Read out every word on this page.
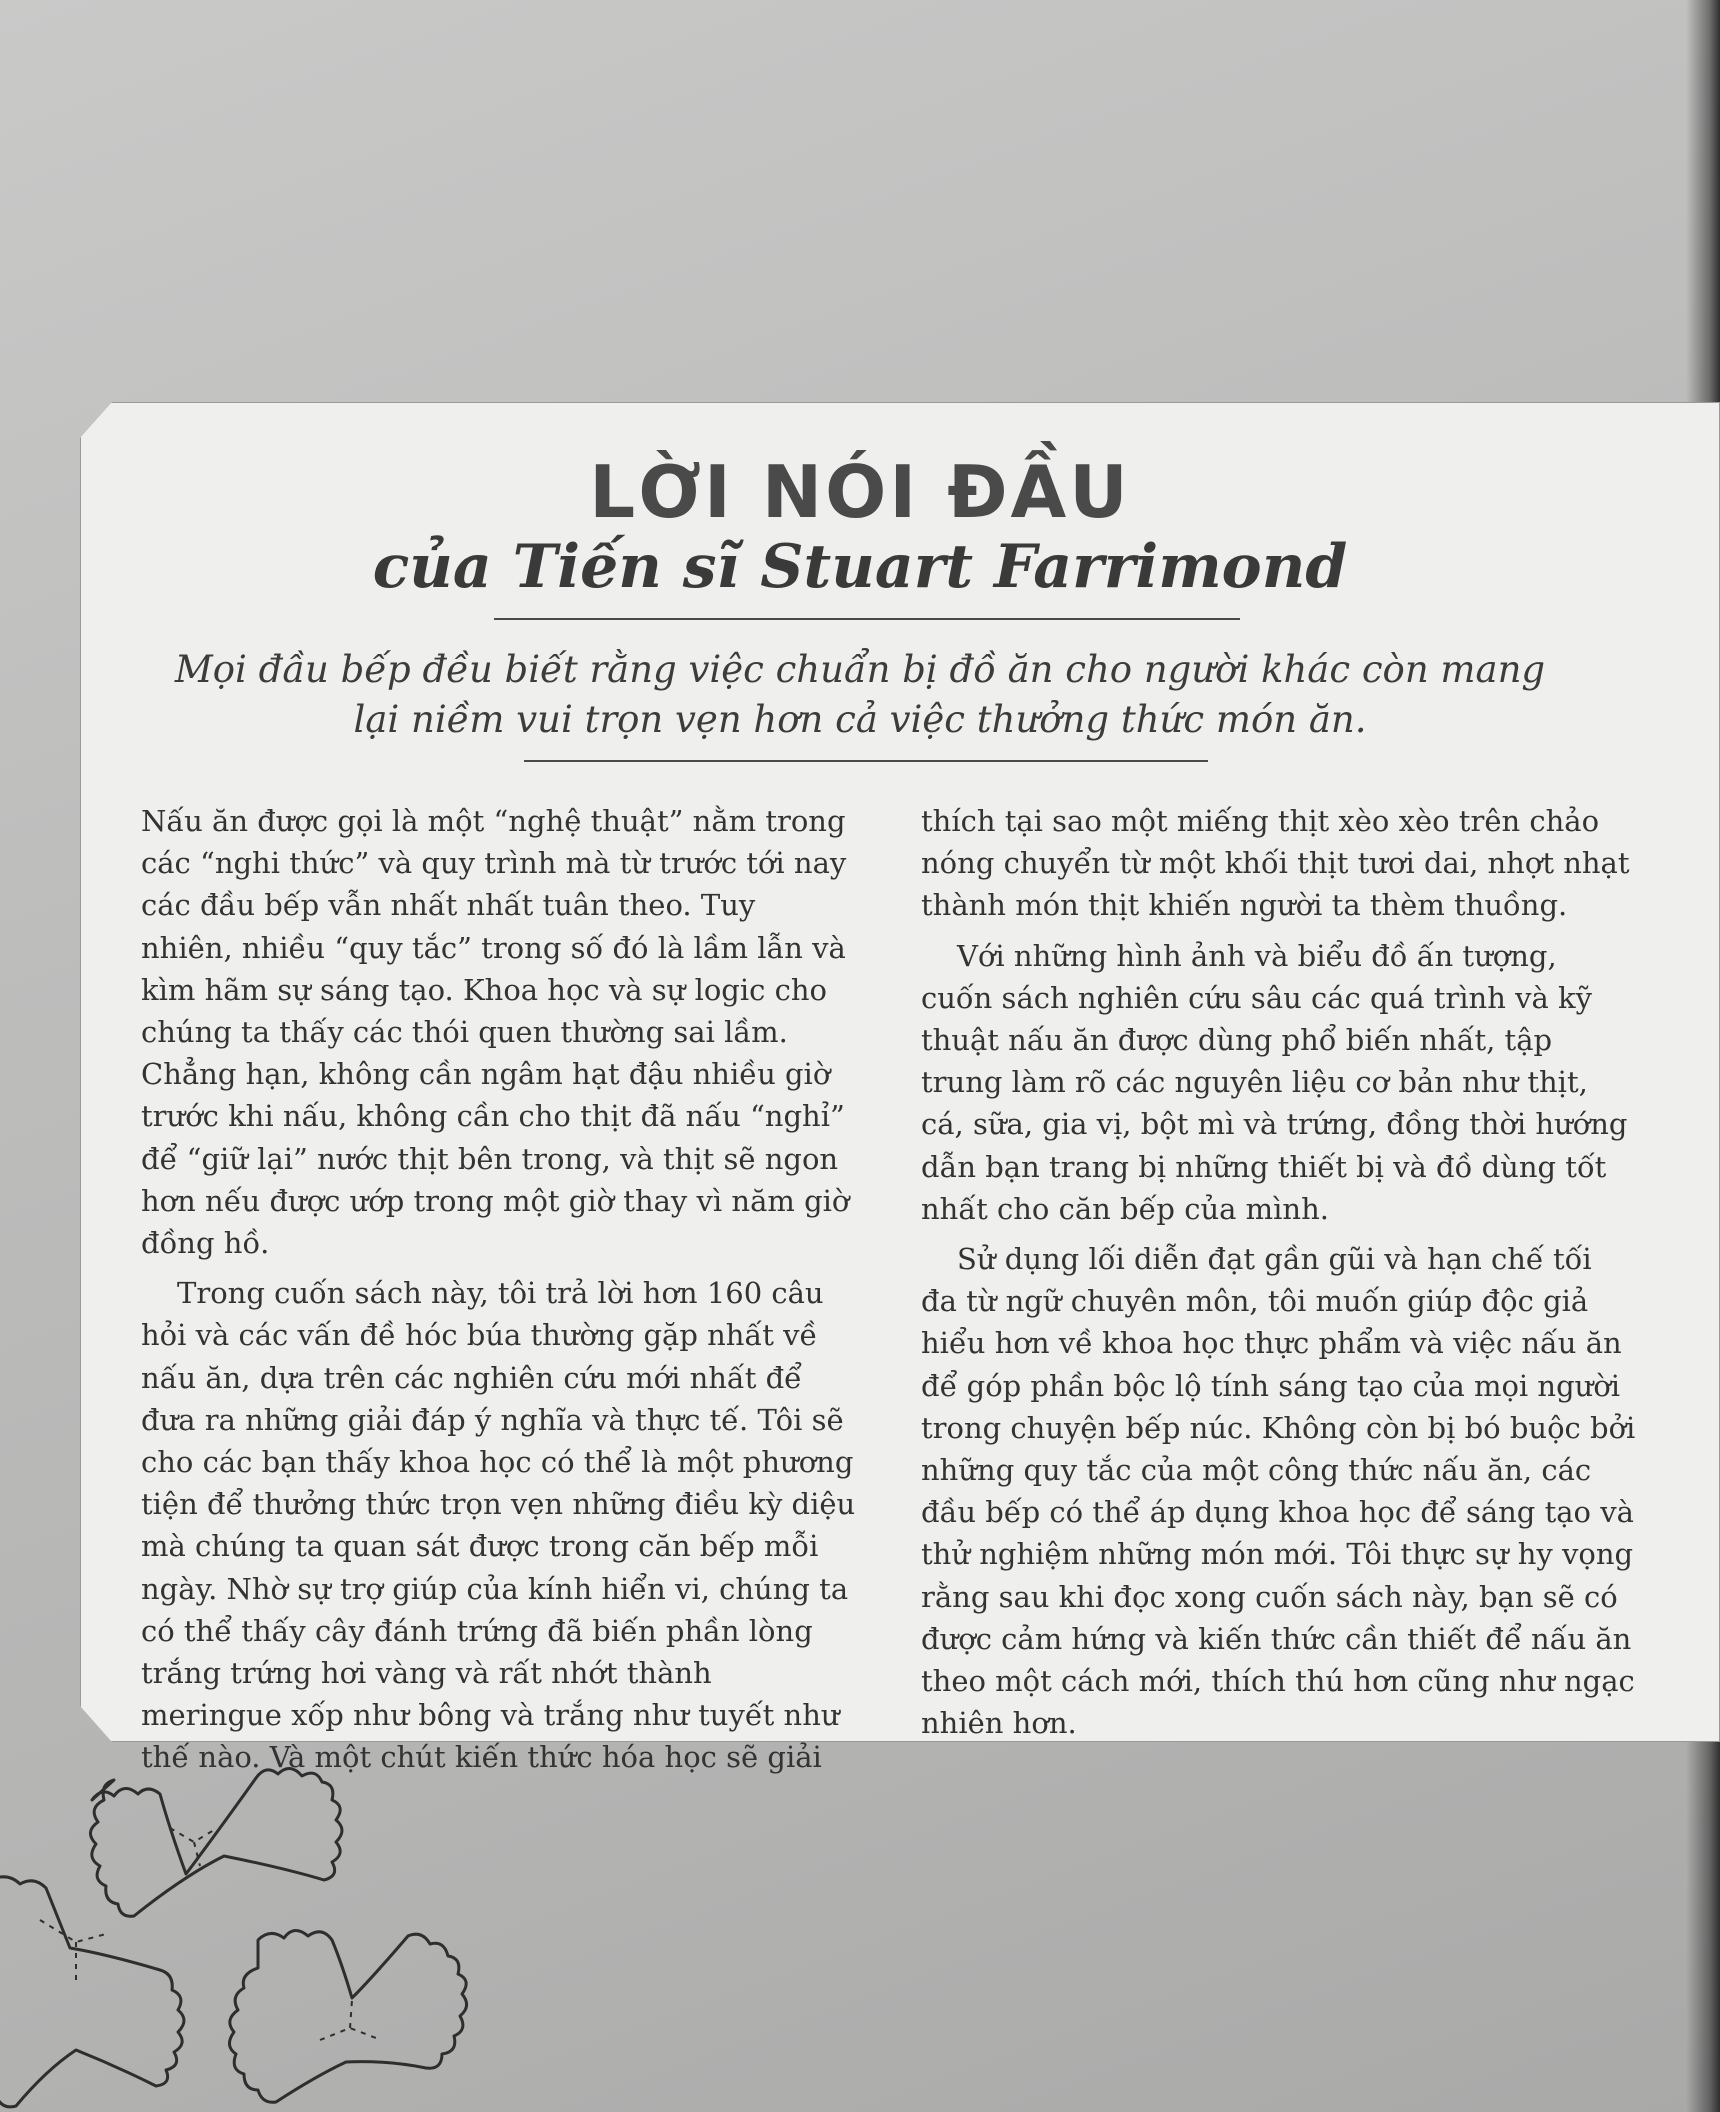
LỜI NÓI ĐẦU
của Tiến sĩ Stuart Farrimond
Mọi đầu bếp đều biết rằng việc chuẩn bị đồ ăn cho người khác còn mang lại niềm vui trọn vẹn hơn cả việc thưởng thức món ăn.

Nấu ăn được gọi là một “nghệ thuật” nằm trong các “nghi thức” và quy trình mà từ trước tới nay các đầu bếp vẫn nhất nhất tuân theo. Tuy nhiên, nhiều “quy tắc” trong số đó là lầm lẫn và kìm hãm sự sáng tạo. Khoa học và sự logic cho chúng ta thấy các thói quen thường sai lầm. Chẳng hạn, không cần ngâm hạt đậu nhiều giờ trước khi nấu, không cần cho thịt đã nấu “nghỉ” để “giữ lại” nước thịt bên trong, và thịt sẽ ngon hơn nếu được ướp trong một giờ thay vì năm giờ đồng hồ.

Trong cuốn sách này, tôi trả lời hơn 160 câu hỏi và các vấn đề hóc búa thường gặp nhất về nấu ăn, dựa trên các nghiên cứu mới nhất để đưa ra những giải đáp ý nghĩa và thực tế. Tôi sẽ cho các bạn thấy khoa học có thể là một phương tiện để thưởng thức trọn vẹn những điều kỳ diệu mà chúng ta quan sát được trong căn bếp mỗi ngày. Nhờ sự trợ giúp của kính hiển vi, chúng ta có thể thấy cây đánh trứng đã biến phần lòng trắng trứng hơi vàng và rất nhớt thành meringue xốp như bông và trắng như tuyết như thế nào. Và một chút kiến thức hóa học sẽ giải

thích tại sao một miếng thịt xèo xèo trên chảo nóng chuyển từ một khối thịt tươi dai, nhợt nhạt thành món thịt khiến người ta thèm thuồng.

Với những hình ảnh và biểu đồ ấn tượng, cuốn sách nghiên cứu sâu các quá trình và kỹ thuật nấu ăn được dùng phổ biến nhất, tập trung làm rõ các nguyên liệu cơ bản như thịt, cá, sữa, gia vị, bột mì và trứng, đồng thời hướng dẫn bạn trang bị những thiết bị và đồ dùng tốt nhất cho căn bếp của mình.

Sử dụng lối diễn đạt gần gũi và hạn chế tối đa từ ngữ chuyên môn, tôi muốn giúp độc giả hiểu hơn về khoa học thực phẩm và việc nấu ăn để góp phần bộc lộ tính sáng tạo của mọi người trong chuyện bếp núc. Không còn bị bó buộc bởi những quy tắc của một công thức nấu ăn, các đầu bếp có thể áp dụng khoa học để sáng tạo và thử nghiệm những món mới. Tôi thực sự hy vọng rằng sau khi đọc xong cuốn sách này, bạn sẽ có được cảm hứng và kiến thức cần thiết để nấu ăn theo một cách mới, thích thú hơn cũng như ngạc nhiên hơn.
